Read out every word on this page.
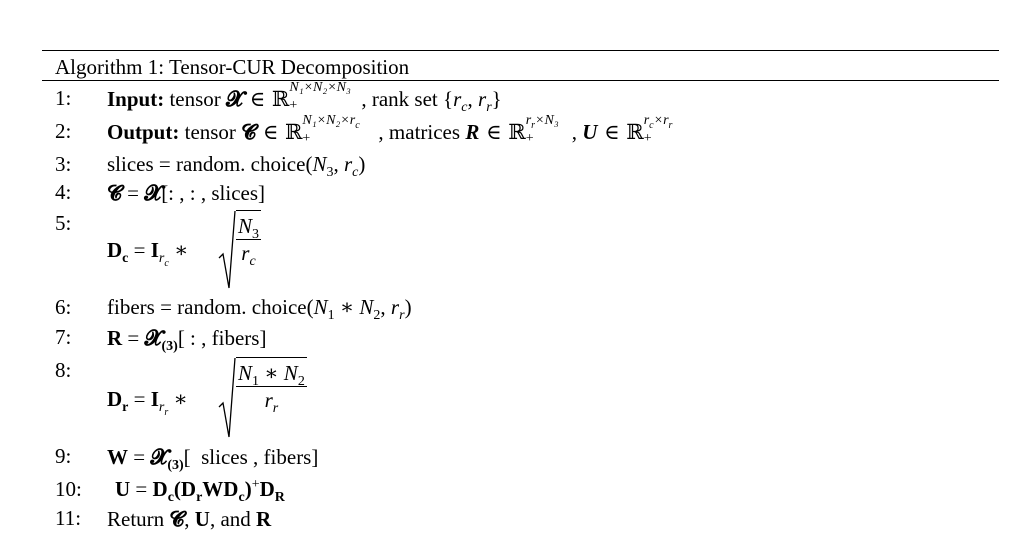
Algorithm 1: Tensor-CUR Decomposition
1:	Input: tensor 𝓧 ∈ ℝ N₁×N₂×N₃
+	, rank set {$r_c$, $r_r$}
2:	Output: tensor 𝓒 ∈ ℝ $N_1\times N_2\times r_c$
+	, matrices R ∈ ℝ $r_r\times N_3$
+ , U ∈ ℝ $r_c\times r_r$
+
3:	slices = random. $choice(N_3$, $r_c$)
4:	𝓒 = 𝓧[: , : , slices]
5:
$D_c = I_{r_c}$ ∗ $\frac{N_3}{r_c}$
6:	fibers = random. $choice(N_1$ ∗ $N_2$, $r_r$)
7:	R = 𝓧$_{(3)}$[ : , fibers]
8:
$D_r = I_{r_r}$ ∗ $\frac{N_1 ∗ N_2}{r_r}$
9:	W = 𝓧$_{(3)}$[  slices , fibers]
10:	$U = D_c(D_rWD_c)^+D_R$
11:	Return 𝓒, U, and R
